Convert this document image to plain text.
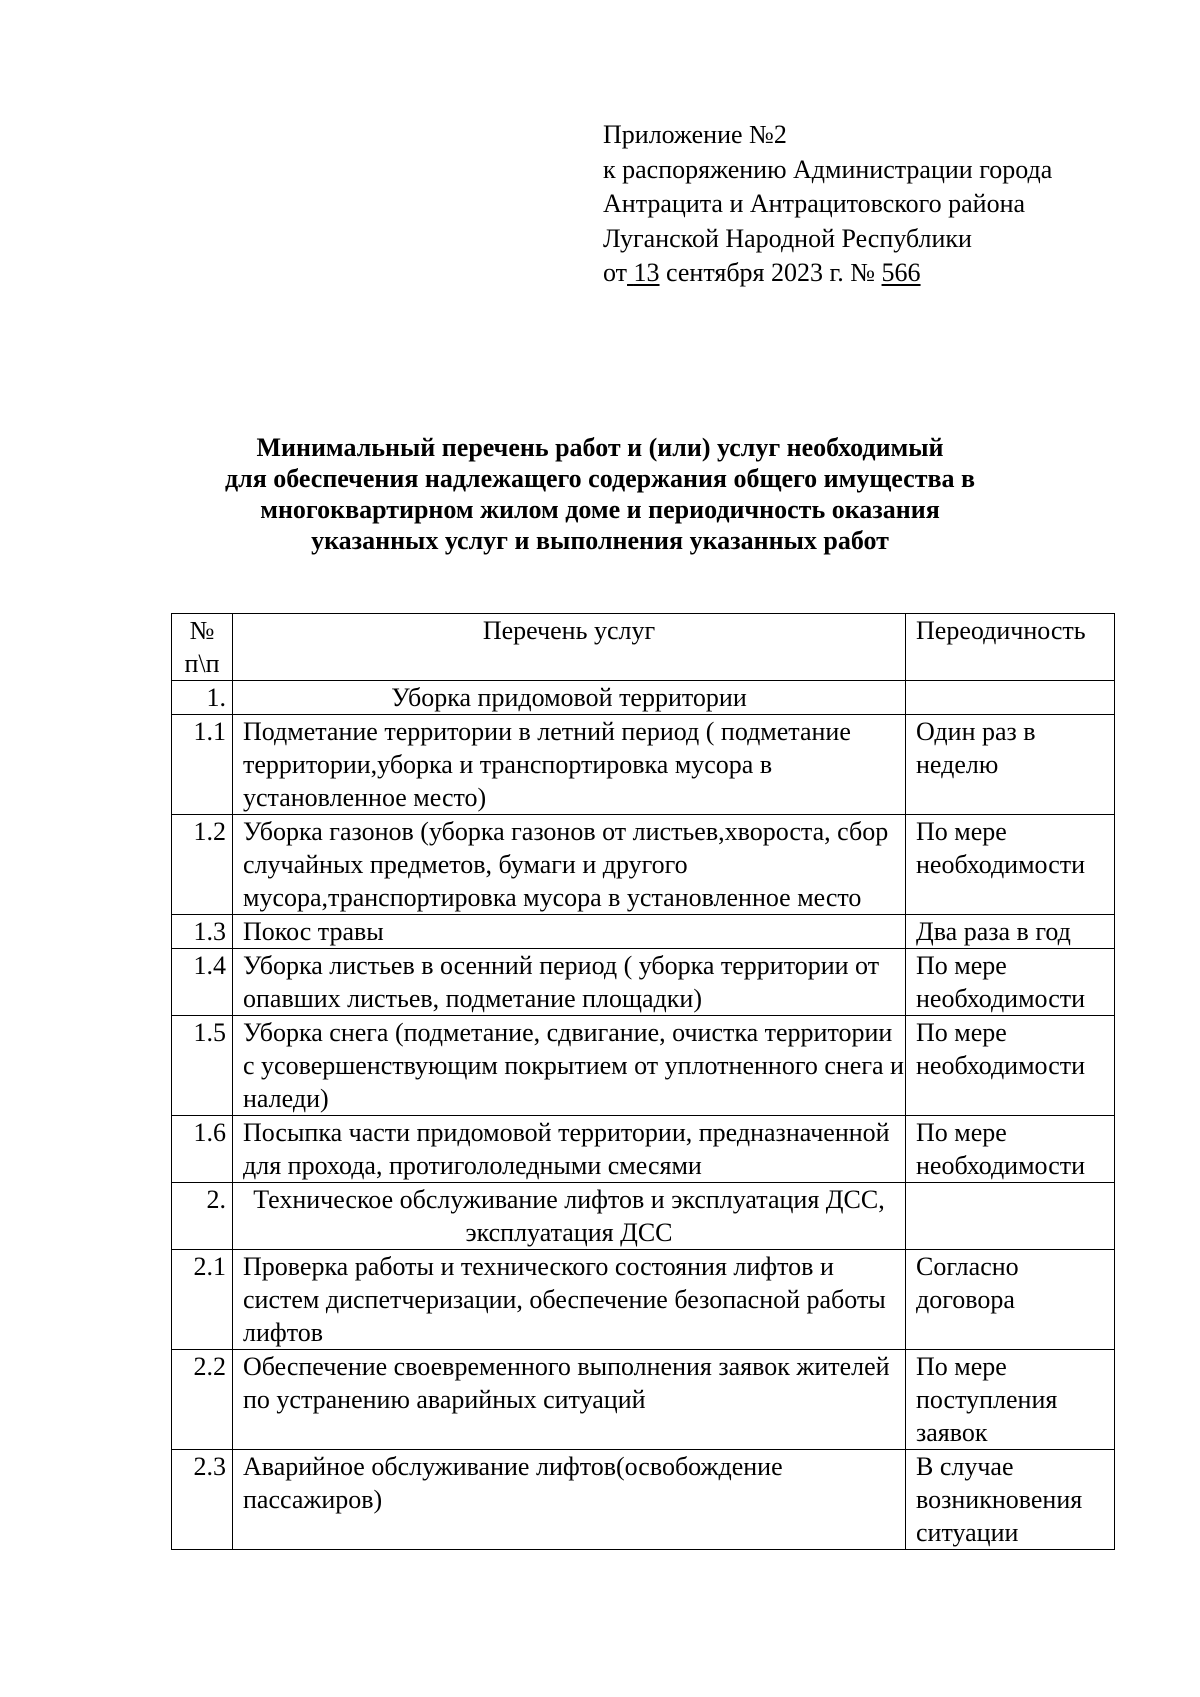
Приложение №2
к распоряжению Администрации города
Антрацита и Антрацитовского района
Луганской Народной Республики
от 13 сентября 2023 г. № 566
Минимальный перечень работ и (или) услуг необходимый
для обеспечения надлежащего содержания общего имущества в
многоквартирном жилом доме и периодичность оказания
указанных услуг и выполнения указанных работ
№ п\п	Перечень услуг	Переодичность
1.	Уборка придомовой территории	
1.1	Подметание территории в летний период ( подметание территории,уборка и транспортировка мусора в установленное место)	Один раз в неделю
1.2	Уборка газонов (уборка газонов от листьев,хвороста, сбор случайных предметов, бумаги и другого мусора,транспортировка мусора в установленное место	По мере необходимости
1.3	Покос травы	Два раза в год
1.4	Уборка листьев в осенний период ( уборка территории от опавших листьев, подметание площадки)	По мере необходимости
1.5	Уборка снега (подметание, сдвигание, очистка территории с усовершенствующим покрытием от уплотненного снега и наледи)	По мере необходимости
1.6	Посыпка части придомовой территории, предназначенной для прохода, протигололедными смесями	По мере необходимости
2.	Техническое обслуживание лифтов и эксплуатация ДСС, эксплуатация ДСС	
2.1	Проверка работы и технического состояния лифтов и систем диспетчеризации, обеспечение безопасной работы лифтов	Согласно договора
2.2	Обеспечение своевременного выполнения заявок жителей по устранению аварийных ситуаций	По мере поступления заявок
2.3	Аварийное обслуживание лифтов(освобождение пассажиров)	В случае возникновения ситуации
